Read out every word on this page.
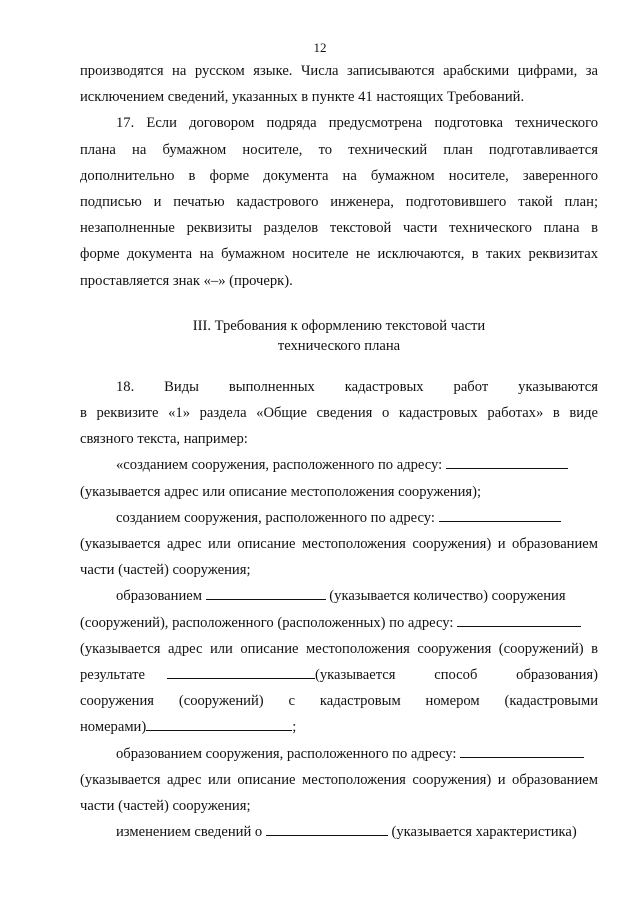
12

производятся на русском языке. Числа записываются арабскими цифрами, за

исключением сведений, указанных в пункте 41 настоящих Требований.

17. Если договором подряда предусмотрена подготовка технического

плана на бумажном носителе, то технический план подготавливается

дополнительно в форме документа на бумажном носителе, заверенного

подписью и печатью кадастрового инженера, подготовившего такой план;

незаполненные реквизиты разделов текстовой части технического плана в

форме документа на бумажном носителе не исключаются, в таких реквизитах

проставляется знак «–» (прочерк).

III. Требования к оформлению текстовой части
технического плана

18. Виды выполненных кадастровых работ указываются

в реквизите «1» раздела «Общие сведения о кадастровых работах» в виде

связного текста, например:

«созданием сооружения, расположенного по адресу:

(указывается адрес или описание местоположения сооружения);

созданием сооружения, расположенного по адресу:

(указывается адрес или описание местоположения сооружения) и образованием

части (частей) сооружения;

образованием	(указывается количество) сооружения

(сооружений), расположенного (расположенных) по адресу:

(указывается адрес или описание местоположения сооружения (сооружений) в

результате	(указывается способ образования)

сооружения (сооружений) с кадастровым номером (кадастровыми

номерами)	;

образованием сооружения, расположенного по адресу:

(указывается адрес или описание местоположения сооружения) и образованием

части (частей) сооружения;

изменением сведений о	(указывается характеристика)
